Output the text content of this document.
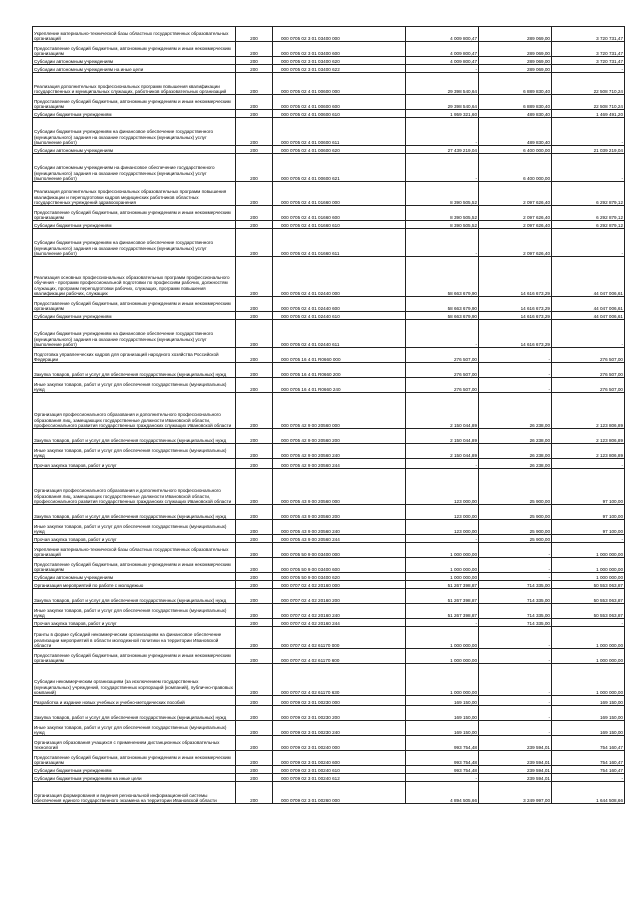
Укрепление материально-технической базы областных государственных образовательных организаций	200	000 0705 02 3 01 03400 000	4 009 800,47	289 069,00	3 720 731,47
Предоставление субсидий бюджетным, автономным учреждениям и иным некоммерческим организациям	200	000 0705 02 3 01 03400 600	4 009 800,47	289 069,00	3 720 731,47
Субсидии автономным учреждениям	200	000 0705 02 3 01 03400 620	4 009 800,47	289 069,00	3 720 731,47
Субсидии автономным учреждениям на иные цели	200	000 0705 02 3 01 03400 622	-	289 069,00	-
Реализация дополнительных профессиональных программ повышения квалификации государственных и муниципальных служащих, работников образовательных организаций	200	000 0705 02 4 01 00600 000	29 398 540,64	6 889 830,40	22 508 710,24
Предоставление субсидий бюджетным, автономным учреждениям и иным некоммерческим организациям	200	000 0705 02 4 01 00600 600	29 398 540,64	6 889 830,40	22 508 710,24
Субсидии бюджетным учреждениям	200	000 0705 02 4 01 00600 610	1 959 321,60	489 830,40	1 469 491,20
Субсидии бюджетным учреждениям на финансовое обеспечение государственного (муниципального) задания на оказание государственных (муниципальных) услуг (выполнение работ)	200	000 0705 02 4 01 00600 611	-	489 830,40	-
Субсидии автономным учреждениям	200	000 0705 02 4 01 00600 620	27 439 219,04	6 400 000,00	21 039 219,04
Субсидии автономным учреждениям на финансовое обеспечение государственного (муниципального) задания на оказание государственных (муниципальных) услуг (выполнение работ)	200	000 0705 02 4 01 00600 621	-	6 400 000,00	-
Реализация дополнительных профессиональных образовательных программ повышения квалификации и переподготовки кадров медицинских работников областных государственных учреждений здравоохранения	200	000 0705 02 4 01 01660 000	8 390 505,52	2 097 626,40	6 292 879,12
Предоставление субсидий бюджетным, автономным учреждениям и иным некоммерческим организациям	200	000 0705 02 4 01 01660 600	8 390 505,52	2 097 626,40	6 292 879,12
Субсидии бюджетным учреждениям	200	000 0705 02 4 01 01660 610	8 390 505,52	2 097 626,40	6 292 879,12
Субсидии бюджетным учреждениям на финансовое обеспечение государственного (муниципального) задания на оказание государственных (муниципальных) услуг (выполнение работ)	200	000 0705 02 4 01 01660 611	-	2 097 626,40	-
Реализация основных профессиональных образовательных программ профессионального обучения - программ профессиональной подготовки по профессиям рабочих, должностям служащих, программ переподготовки рабочих, служащих, программ повышения квалификации рабочих, служащих	200	000 0705 02 4 01 02440 000	58 663 679,90	14 616 673,29	44 047 006,61
Предоставление субсидий бюджетным, автономным учреждениям и иным некоммерческим организациям	200	000 0705 02 4 01 02440 600	58 663 679,90	14 616 673,29	44 047 006,61
Субсидии бюджетным учреждениям	200	000 0705 02 4 01 02440 610	58 663 679,90	14 616 673,29	44 047 006,61
Субсидии бюджетным учреждениям на финансовое обеспечение государственного (муниципального) задания на оказание государственных (муниципальных) услуг (выполнение работ)	200	000 0705 02 4 01 02440 611	-	14 616 673,29	-
Подготовка управленческих кадров для организаций народного хозяйства Российской Федерации	200	000 0705 16 4 01 R0660 000	276 507,00	-	276 507,00
Закупка товаров, работ и услуг для обеспечения государственных (муниципальных) нужд	200	000 0705 16 4 01 R0660 200	276 507,00	-	276 507,00
Иные закупки товаров, работ и услуг для обеспечения государственных (муниципальных) нужд	200	000 0705 16 4 01 R0660 240	276 507,00	-	276 507,00
Организация профессионального образования и дополнительного профессионального образования лиц, замещающих государственные должности Ивановской области, профессионального развития государственных гражданских служащих Ивановской области	200	000 0705 42 9 00 20560 000	2 150 044,89	26 238,00	2 123 806,89
Закупка товаров, работ и услуг для обеспечения государственных (муниципальных) нужд	200	000 0705 42 9 00 20560 200	2 150 044,89	26 238,00	2 123 806,89
Иные закупки товаров, работ и услуг для обеспечения государственных (муниципальных) нужд	200	000 0705 42 9 00 20560 240	2 150 044,89	26 238,00	2 123 806,89
Прочая закупка товаров, работ и услуг	200	000 0705 42 9 00 20560 244	-	26 238,00	-
Организация профессионального образования и дополнительного профессионального образования лиц, замещающих государственные должности Ивановской области, профессионального развития государственных гражданских служащих Ивановской области	200	000 0705 43 9 00 20560 000	123 000,00	25 900,00	97 100,00
Закупка товаров, работ и услуг для обеспечения государственных (муниципальных) нужд	200	000 0705 43 9 00 20560 200	123 000,00	25 900,00	97 100,00
Иные закупки товаров, работ и услуг для обеспечения государственных (муниципальных) нужд	200	000 0705 43 9 00 20560 240	123 000,00	25 900,00	97 100,00
Прочая закупка товаров, работ и услуг	200	000 0705 43 9 00 20560 244	-	25 900,00	-
Укрепление материально-технической базы областных государственных образовательных организаций	200	000 0705 50 9 00 03400 000	1 000 000,00	-	1 000 000,00
Предоставление субсидий бюджетным, автономным учреждениям и иным некоммерческим организациям	200	000 0705 50 9 00 03400 600	1 000 000,00	-	1 000 000,00
Субсидии автономным учреждениям	200	000 0705 50 9 00 03400 620	1 000 000,00	-	1 000 000,00
Организация мероприятий по работе с молодежью	200	000 0707 02 4 02 20160 000	51 267 398,87	714 335,00	50 553 063,87
Закупка товаров, работ и услуг для обеспечения государственных (муниципальных) нужд	200	000 0707 02 4 02 20160 200	51 267 398,87	714 335,00	50 553 063,87
Иные закупки товаров, работ и услуг для обеспечения государственных (муниципальных) нужд	200	000 0707 02 4 02 20160 240	51 267 398,87	714 335,00	50 553 063,87
Прочая закупка товаров, работ и услуг	200	000 0707 02 4 02 20160 244	-	714 335,00	-
Гранты в форме субсидий некоммерческим организациям на финансовое обеспечение реализации мероприятий в области молодежной политики на территории Ивановской области	200	000 0707 02 4 02 61170 000	1 000 000,00	-	1 000 000,00
Предоставление субсидий бюджетным, автономным учреждениям и иным некоммерческим организациям	200	000 0707 02 4 02 61170 600	1 000 000,00	-	1 000 000,00
Субсидии некоммерческим организациям (за исключением государственных (муниципальных) учреждений, государственных корпораций (компаний), публично-правовых компаний)	200	000 0707 02 4 02 61170 630	1 000 000,00	-	1 000 000,00
Разработка и издание новых учебных и учебно-методических пособий	200	000 0709 02 3 01 00230 000	169 150,00	-	169 150,00
Закупка товаров, работ и услуг для обеспечения государственных (муниципальных) нужд	200	000 0709 02 3 01 00230 200	169 150,00	-	169 150,00
Иные закупки товаров, работ и услуг для обеспечения государственных (муниципальных) нужд	200	000 0709 02 3 01 00230 240	169 150,00	-	169 150,00
Организация образования учащихся с применением дистанционных образовательных технологий	200	000 0709 02 3 01 00240 000	993 754,48	239 594,01	754 160,47
Предоставление субсидий бюджетным, автономным учреждениям и иным некоммерческим организациям	200	000 0709 02 3 01 00240 600	993 754,48	239 594,01	754 160,47
Субсидии бюджетным учреждениям	200	000 0709 02 3 01 00240 610	993 754,48	239 594,01	754 160,47
Субсидии бюджетным учреждениям на иные цели	200	000 0709 02 3 01 00240 612	-	239 594,01	-
Организация формирования и ведения региональной информационной системы обеспечения единого государственного экзамена на территории Ивановской области	200	000 0709 02 3 01 00260 000	4 894 505,66	3 249 997,00	1 644 508,66
